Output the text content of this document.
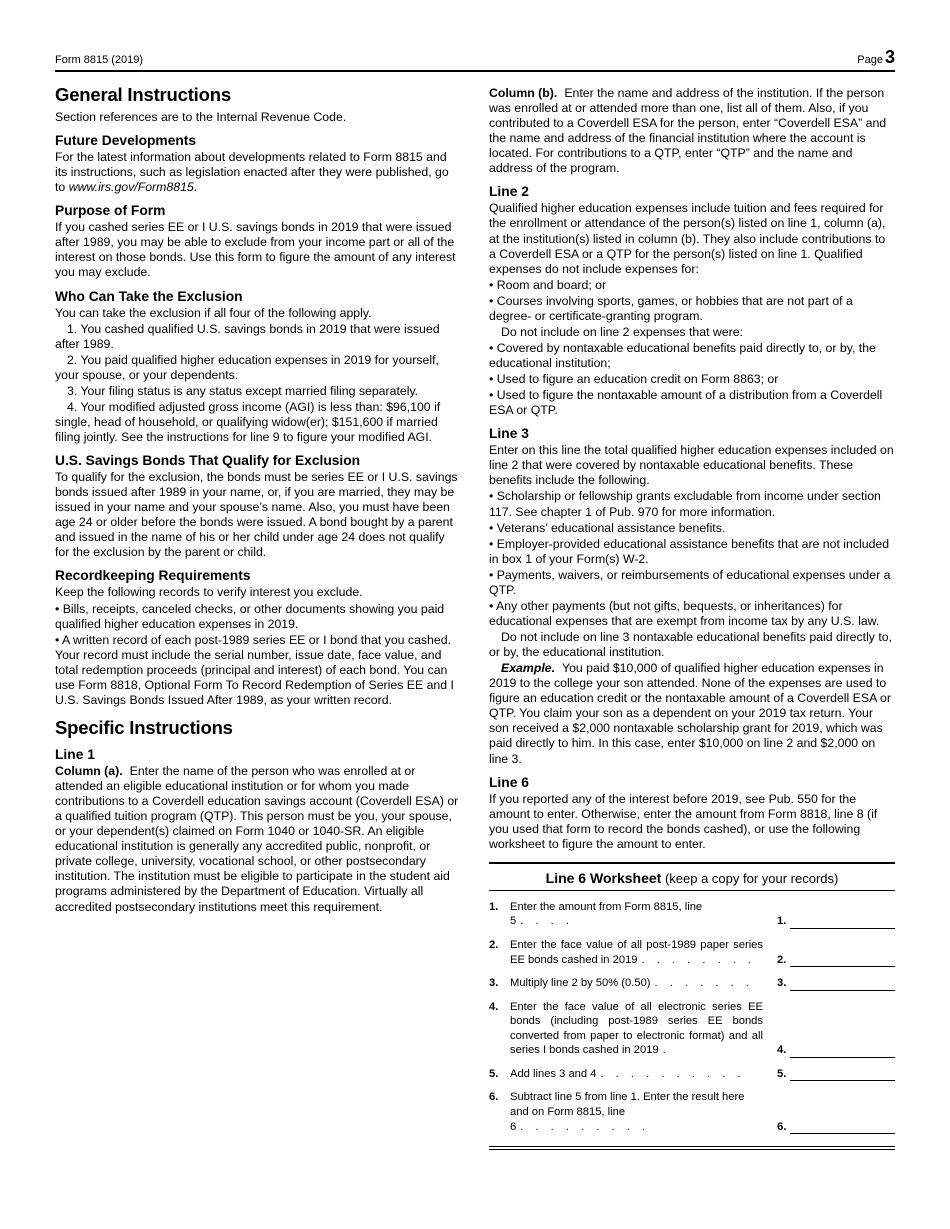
Form 8815 (2019)	Page 3
General Instructions

Section references are to the Internal Revenue Code.

Future Developments

For the latest information about developments related to Form 8815 and its instructions, such as legislation enacted after they were published, go to www.irs.gov/Form8815.

Purpose of Form

If you cashed series EE or I U.S. savings bonds in 2019 that were issued after 1989, you may be able to exclude from your income part or all of the interest on those bonds. Use this form to figure the amount of any interest you may exclude.

Who Can Take the Exclusion

You can take the exclusion if all four of the following apply.

1. You cashed qualified U.S. savings bonds in 2019 that were issued after 1989.

2. You paid qualified higher education expenses in 2019 for yourself, your spouse, or your dependents.

3. Your filing status is any status except married filing separately.

4. Your modified adjusted gross income (AGI) is less than: $96,100 if single, head of household, or qualifying widow(er); $151,600 if married filing jointly. See the instructions for line 9 to figure your modified AGI.

U.S. Savings Bonds That Qualify for Exclusion

To qualify for the exclusion, the bonds must be series EE or I U.S. savings bonds issued after 1989 in your name, or, if you are married, they may be issued in your name and your spouse’s name. Also, you must have been age 24 or older before the bonds were issued. A bond bought by a parent and issued in the name of his or her child under age 24 does not qualify for the exclusion by the parent or child.

Recordkeeping Requirements

Keep the following records to verify interest you exclude.

• Bills, receipts, canceled checks, or other documents showing you paid qualified higher education expenses in 2019.

• A written record of each post-1989 series EE or I bond that you cashed. Your record must include the serial number, issue date, face value, and total redemption proceeds (principal and interest) of each bond. You can use Form 8818, Optional Form To Record Redemption of Series EE and I U.S. Savings Bonds Issued After 1989, as your written record.

Specific Instructions
Line 1

Column (a). Enter the name of the person who was enrolled at or attended an eligible educational institution or for whom you made contributions to a Coverdell education savings account (Coverdell ESA) or a qualified tuition program (QTP). This person must be you, your spouse, or your dependent(s) claimed on Form 1040 or 1040-SR. An eligible educational institution is generally any accredited public, nonprofit, or private college, university, vocational school, or other postsecondary institution. The institution must be eligible to participate in the student aid programs administered by the Department of Education. Virtually all accredited postsecondary institutions meet this requirement.

Column (b). Enter the name and address of the institution. If the person was enrolled at or attended more than one, list all of them. Also, if you contributed to a Coverdell ESA for the person, enter “Coverdell ESA” and the name and address of the financial institution where the account is located. For contributions to a QTP, enter “QTP” and the name and address of the program.

Line 2

Qualified higher education expenses include tuition and fees required for the enrollment or attendance of the person(s) listed on line 1, column (a), at the institution(s) listed in column (b). They also include contributions to a Coverdell ESA or a QTP for the person(s) listed on line 1. Qualified expenses do not include expenses for:

• Room and board; or

• Courses involving sports, games, or hobbies that are not part of a degree- or certificate-granting program.

Do not include on line 2 expenses that were:

• Covered by nontaxable educational benefits paid directly to, or by, the educational institution;

• Used to figure an education credit on Form 8863; or

• Used to figure the nontaxable amount of a distribution from a Coverdell ESA or QTP.

Line 3

Enter on this line the total qualified higher education expenses included on line 2 that were covered by nontaxable educational benefits. These benefits include the following.

• Scholarship or fellowship grants excludable from income under section 117. See chapter 1 of Pub. 970 for more information.

• Veterans’ educational assistance benefits.

• Employer-provided educational assistance benefits that are not included in box 1 of your Form(s) W-2.

• Payments, waivers, or reimbursements of educational expenses under a QTP.

• Any other payments (but not gifts, bequests, or inheritances) for educational expenses that are exempt from income tax by any U.S. law.

Do not include on line 3 nontaxable educational benefits paid directly to, or by, the educational institution.

Example. You paid $10,000 of qualified higher education expenses in 2019 to the college your son attended. None of the expenses are used to figure an education credit or the nontaxable amount of a Coverdell ESA or QTP. You claim your son as a dependent on your 2019 tax return. Your son received a $2,000 nontaxable scholarship grant for 2019, which was paid directly to him. In this case, enter $10,000 on line 2 and $2,000 on line 3.

Line 6

If you reported any of the interest before 2019, see Pub. 550 for the amount to enter. Otherwise, enter the amount from Form 8818, line 8 (if you used that form to record the bonds cashed), or use the following worksheet to figure the amount to enter.

Line 6 Worksheet (keep a copy for your records)
1.	Enter the amount from Form 8815, line 5 . . . .	1.
2.	Enter the face value of all post-1989 paper series EE bonds cashed in 2019 . . . . . . . .	2.
3.	Multiply line 2 by 50% (0.50) . . . . . . .	3.
4.	Enter the face value of all electronic series EE bonds (including post-1989 series EE bonds converted from paper to electronic format) and all series I bonds cashed in 2019 .	4.
5.	Add lines 3 and 4 . . . . . . . . . .	5.
6.	Subtract line 5 from line 1. Enter the result here and on Form 8815, line 6 . . . . . . . . .	6.
